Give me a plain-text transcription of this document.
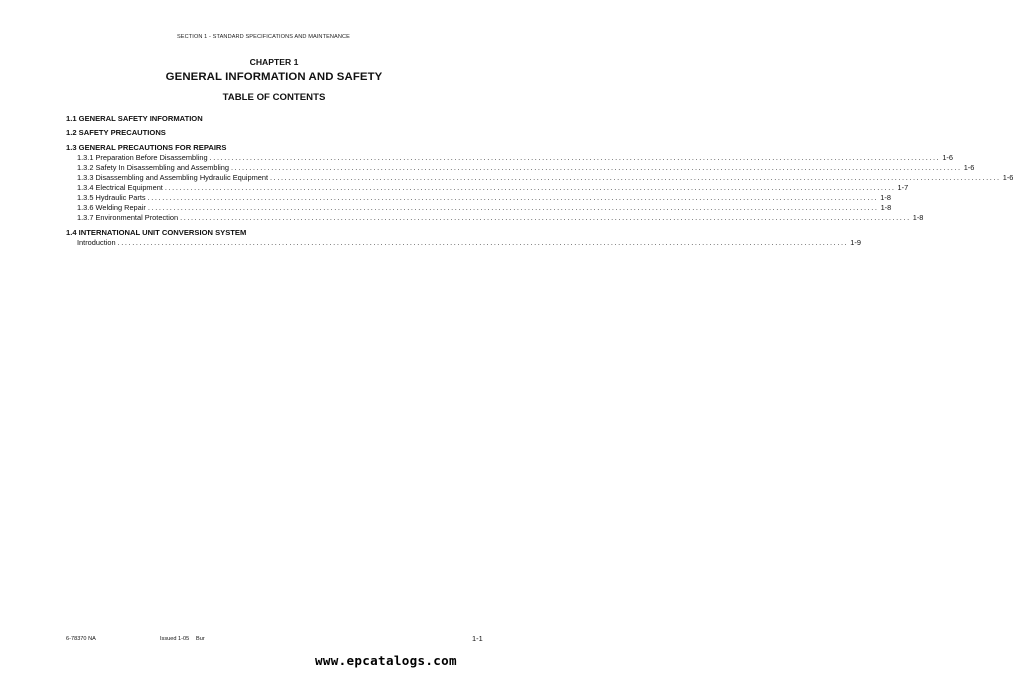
SECTION 1 - STANDARD SPECIFICATIONS AND MAINTENANCE
CHAPTER 1
GENERAL INFORMATION AND SAFETY
TABLE OF CONTENTS
1.1 GENERAL SAFETY INFORMATION
1.2 SAFETY PRECAUTIONS
1.3 GENERAL PRECAUTIONS FOR REPAIRS
1.3.1 Preparation Before Disassembling ........................................................................................................................................................................................................ 1-6
1.3.2 Safety In Disassembling and Assembling ........................................................................................................................................................................................................ 1-6
1.3.3 Disassembling and Assembling Hydraulic Equipment ........................................................................................................................................................................................................ 1-6
1.3.4 Electrical Equipment ........................................................................................................................................................................................................ 1-7
1.3.5 Hydraulic Parts ........................................................................................................................................................................................................ 1-8
1.3.6 Welding Repair ........................................................................................................................................................................................................ 1-8
1.3.7 Environmental Protection ........................................................................................................................................................................................................ 1-8
1.4 INTERNATIONAL UNIT CONVERSION SYSTEM
Introduction ........................................................................................................................................................................................................ 1-9
6-78370 NA	Issued 1-05 Bur	1-1
www.epcatalogs.com
